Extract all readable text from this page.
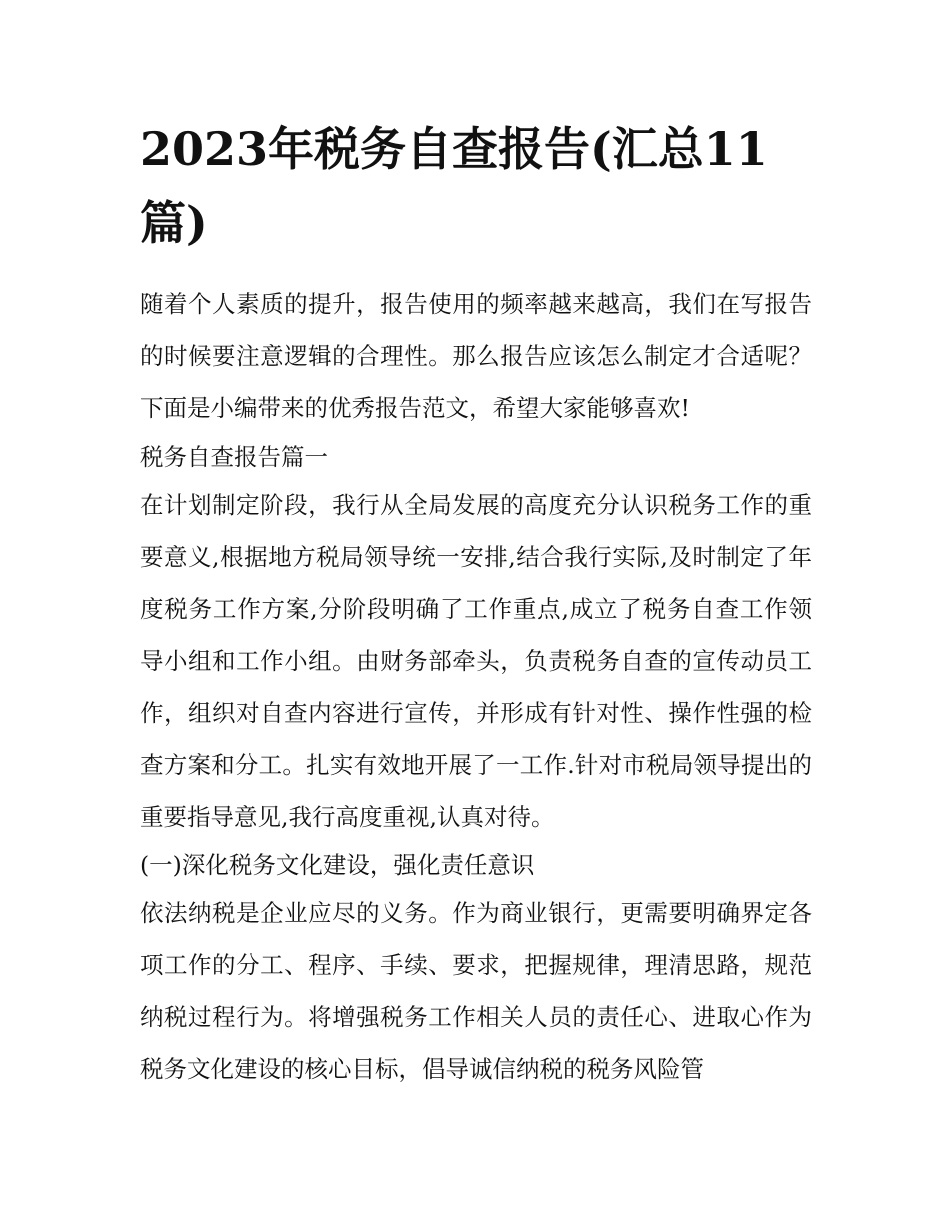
2023年税务自查报告(汇总11篇)

随着个人素质的提升，报告使用的频率越来越高，我们在写报告的时候要注意逻辑的合理性。那么报告应该怎么制定才合适呢？下面是小编带来的优秀报告范文，希望大家能够喜欢!

税务自查报告篇一

在计划制定阶段，我行从全局发展的高度充分认识税务工作的重要意义,根据地方税局领导统一安排,结合我行实际,及时制定了年度税务工作方案,分阶段明确了工作重点,成立了税务自查工作领导小组和工作小组。由财务部牵头，负责税务自查的宣传动员工作，组织对自查内容进行宣传，并形成有针对性、操作性强的检查方案和分工。扎实有效地开展了一工作.针对市税局领导提出的重要指导意见,我行高度重视,认真对待。

(一)深化税务文化建设，强化责任意识

依法纳税是企业应尽的义务。作为商业银行，更需要明确界定各项工作的分工、程序、手续、要求，把握规律，理清思路，规范纳税过程行为。将增强税务工作相关人员的责任心、进取心作为税务文化建设的核心目标，倡导诚信纳税的税务风险管
